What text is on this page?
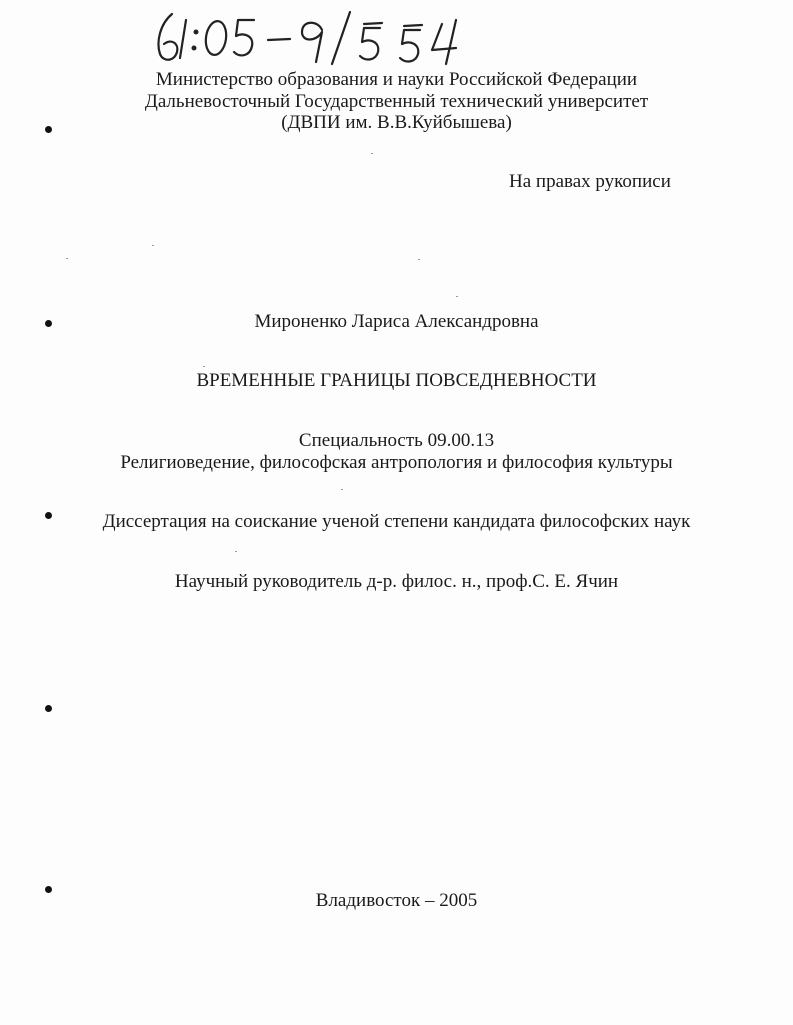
Министерство образования и науки Российской Федерации
Дальневосточный Государственный технический университет
(ДВПИ им. В.В.Куйбышева)
На правах рукописи
Мироненко Лариса Александровна
ВРЕМЕННЫЕ ГРАНИЦЫ ПОВСЕДНЕВНОСТИ
Специальность 09.00.13
Религиоведение, философская антропология и философия культуры
Диссертация на соискание ученой степени кандидата философских наук
Научный руководитель д-р. филос. н., проф.С. Е. Ячин
Владивосток – 2005
